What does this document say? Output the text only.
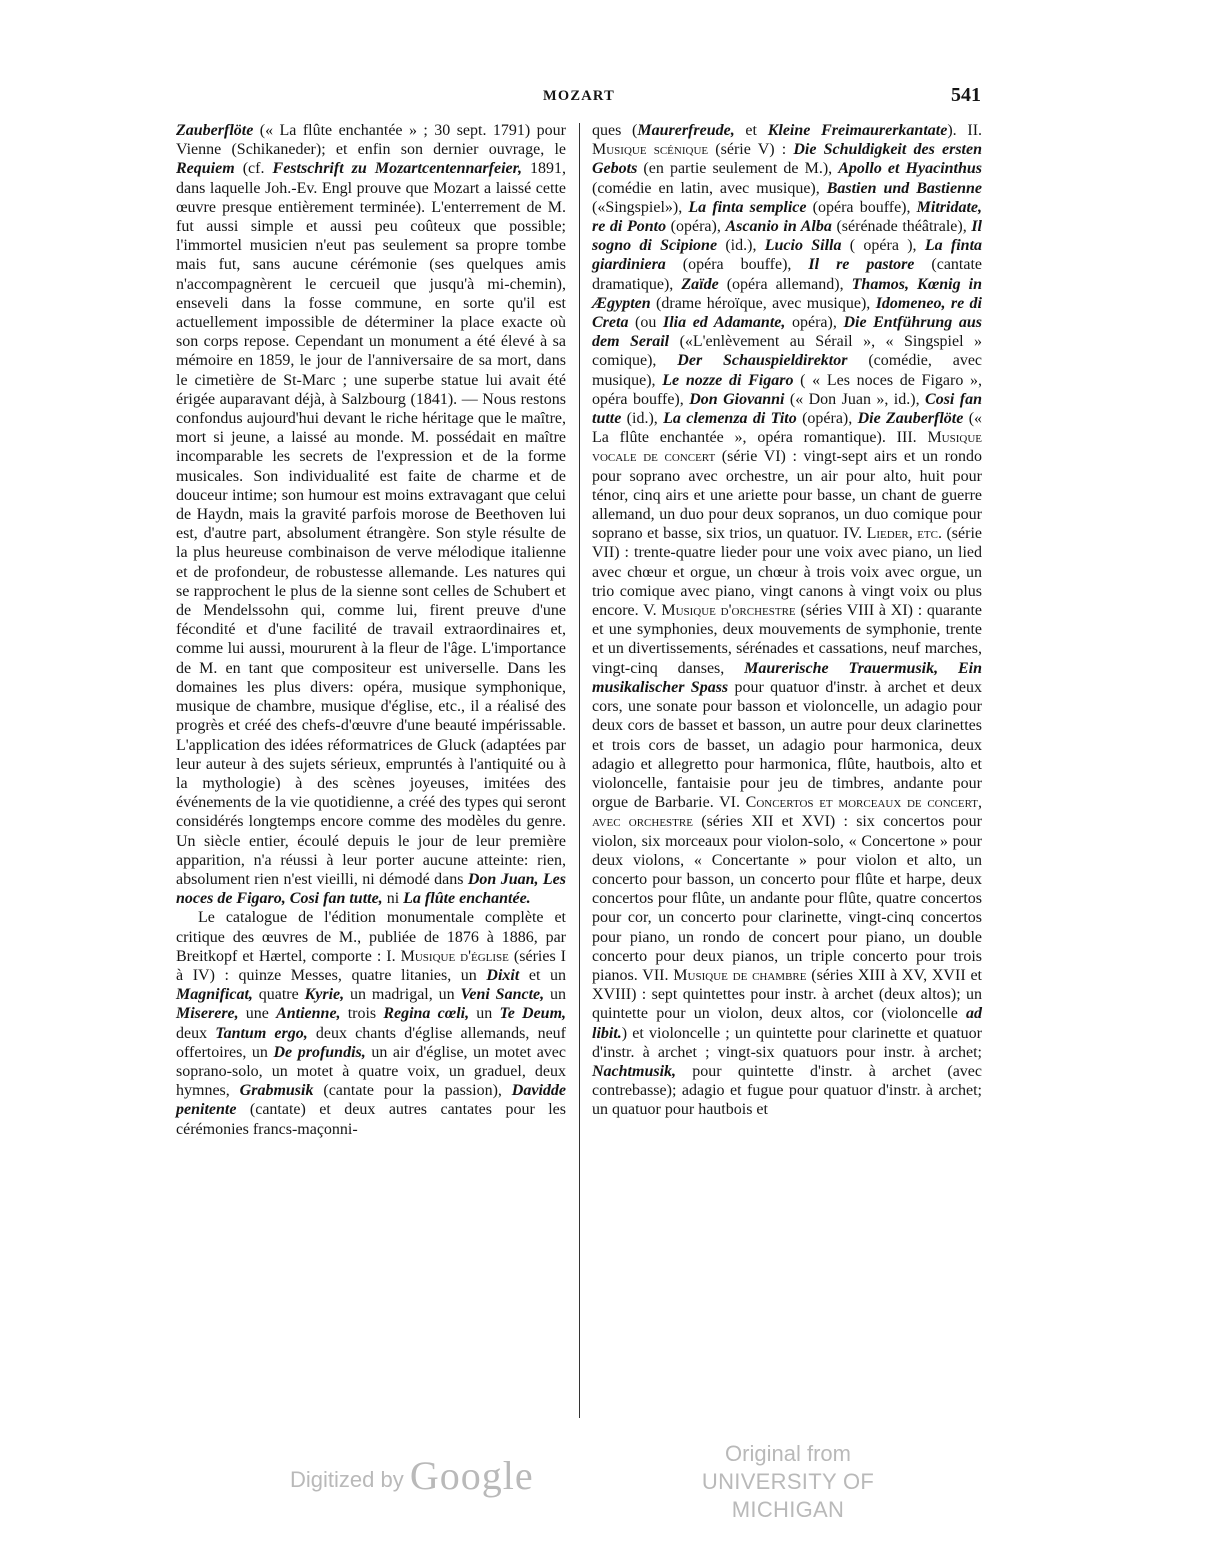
MOZART	541

Zauberflöte (« La flûte enchantée » ; 30 sept. 1791) pour Vienne (Schikaneder); et enfin son dernier ouvrage, le Requiem (cf. Festschrift zu Mozartcentennarfeier, 1891, dans laquelle Joh.-Ev. Engl prouve que Mozart a laissé cette œuvre presque entièrement terminée). L'enterrement de M. fut aussi simple et aussi peu coûteux que possible; l'immortel musicien n'eut pas seulement sa propre tombe mais fut, sans aucune cérémonie (ses quelques amis n'accompagnèrent le cercueil que jusqu'à mi-chemin), enseveli dans la fosse commune, en sorte qu'il est actuellement impossible de déterminer la place exacte où son corps repose. Cependant un monument a été élevé à sa mémoire en 1859, le jour de l'anniversaire de sa mort, dans le cimetière de St-Marc ; une superbe statue lui avait été érigée auparavant déjà, à Salzbourg (1841). — Nous restons confondus aujourd'hui devant le riche héritage que le maître, mort si jeune, a laissé au monde. M. possédait en maître incomparable les secrets de l'expression et de la forme musicales. Son individualité est faite de charme et de douceur intime; son humour est moins extravagant que celui de Haydn, mais la gravité parfois morose de Beethoven lui est, d'autre part, absolument étrangère. Son style résulte de la plus heureuse combinaison de verve mélodique italienne et de profondeur, de robustesse allemande. Les natures qui se rapprochent le plus de la sienne sont celles de Schubert et de Mendelssohn qui, comme lui, firent preuve d'une fécondité et d'une facilité de travail extraordinaires et, comme lui aussi, moururent à la fleur de l'âge. L'importance de M. en tant que compositeur est universelle. Dans les domaines les plus divers: opéra, musique symphonique, musique de chambre, musique d'église, etc., il a réalisé des progrès et créé des chefs-d'œuvre d'une beauté impérissable. L'application des idées réformatrices de Gluck (adaptées par leur auteur à des sujets sérieux, empruntés à l'antiquité ou à la mythologie) à des scènes joyeuses, imitées des événements de la vie quotidienne, a créé des types qui seront considérés longtemps encore comme des modèles du genre. Un siècle entier, écoulé depuis le jour de leur première apparition, n'a réussi à leur porter aucune atteinte: rien, absolument rien n'est vieilli, ni démodé dans Don Juan, Les noces de Figaro, Cosi fan tutte, ni La flûte enchantée.

Le catalogue de l'édition monumentale complète et critique des œuvres de M., publiée de 1876 à 1886, par Breitkopf et Hærtel, comporte : I. Musique d'église (séries I à IV) : quinze Messes, quatre litanies, un Dixit et un Magnificat, quatre Kyrie, un madrigal, un Veni Sancte, un Miserere, une Antienne, trois Regina cœli, un Te Deum, deux Tantum ergo, deux chants d'église allemands, neuf offertoires, un De profundis, un air d'église, un motet avec soprano-solo, un motet à quatre voix, un graduel, deux hymnes, Grabmusik (cantate pour la passion), Davidde penitente (cantate) et deux autres cantates pour les cérémonies francs-maçonni-

ques (Maurerfreude, et Kleine Freimaurerkantate). II. Musique scénique (série V) : Die Schuldigkeit des ersten Gebots (en partie seulement de M.), Apollo et Hyacinthus (comédie en latin, avec musique), Bastien und Bastienne («Singspiel»), La finta semplice (opéra bouffe), Mitridate, re di Ponto (opéra), Ascanio in Alba (sérénade théâtrale), Il sogno di Scipione (id.), Lucio Silla ( opéra ), La finta giardiniera (opéra bouffe), Il re pastore (cantate dramatique), Zaïde (opéra allemand), Thamos, Kœnig in Ægypten (drame héroïque, avec musique), Idomeneo, re di Creta (ou Ilia ed Adamante, opéra), Die Entführung aus dem Serail («L'enlèvement au Sérail », « Singspiel » comique), Der Schauspieldirektor (comédie, avec musique), Le nozze di Figaro ( « Les noces de Figaro », opéra bouffe), Don Giovanni (« Don Juan », id.), Cosi fan tutte (id.), La clemenza di Tito (opéra), Die Zauberflöte (« La flûte enchantée », opéra romantique). III. Musique vocale de concert (série VI) : vingt-sept airs et un rondo pour soprano avec orchestre, un air pour alto, huit pour ténor, cinq airs et une ariette pour basse, un chant de guerre allemand, un duo pour deux sopranos, un duo comique pour soprano et basse, six trios, un quatuor. IV. Lieder, etc. (série VII) : trente-quatre lieder pour une voix avec piano, un lied avec chœur et orgue, un chœur à trois voix avec orgue, un trio comique avec piano, vingt canons à vingt voix ou plus encore. V. Musique d'orchestre (séries VIII à XI) : quarante et une symphonies, deux mouvements de symphonie, trente et un divertissements, sérénades et cassations, neuf marches, vingt-cinq danses, Maurerische Trauermusik, Ein musikalischer Spass pour quatuor d'instr. à archet et deux cors, une sonate pour basson et violoncelle, un adagio pour deux cors de basset et basson, un autre pour deux clarinettes et trois cors de basset, un adagio pour harmonica, deux adagio et allegretto pour harmonica, flûte, hautbois, alto et violoncelle, fantaisie pour jeu de timbres, andante pour orgue de Barbarie. VI. Concertos et morceaux de concert, avec orchestre (séries XII et XVI) : six concertos pour violon, six morceaux pour violon-solo, « Concertone » pour deux violons, « Concertante » pour violon et alto, un concerto pour basson, un concerto pour flûte et harpe, deux concertos pour flûte, un andante pour flûte, quatre concertos pour cor, un concerto pour clarinette, vingt-cinq concertos pour piano, un rondo de concert pour piano, un double concerto pour deux pianos, un triple concerto pour trois pianos. VII. Musique de chambre (séries XIII à XV, XVII et XVIII) : sept quintettes pour instr. à archet (deux altos); un quintette pour un violon, deux altos, cor (violoncelle ad libit.) et violoncelle ; un quintette pour clarinette et quatuor d'instr. à archet ; vingt-six quatuors pour instr. à archet; Nachtmusik, pour quintette d'instr. à archet (avec contrebasse); adagio et fugue pour quatuor d'instr. à archet; un quatuor pour hautbois et

Digitized by Google	Original from
UNIVERSITY OF MICHIGAN
